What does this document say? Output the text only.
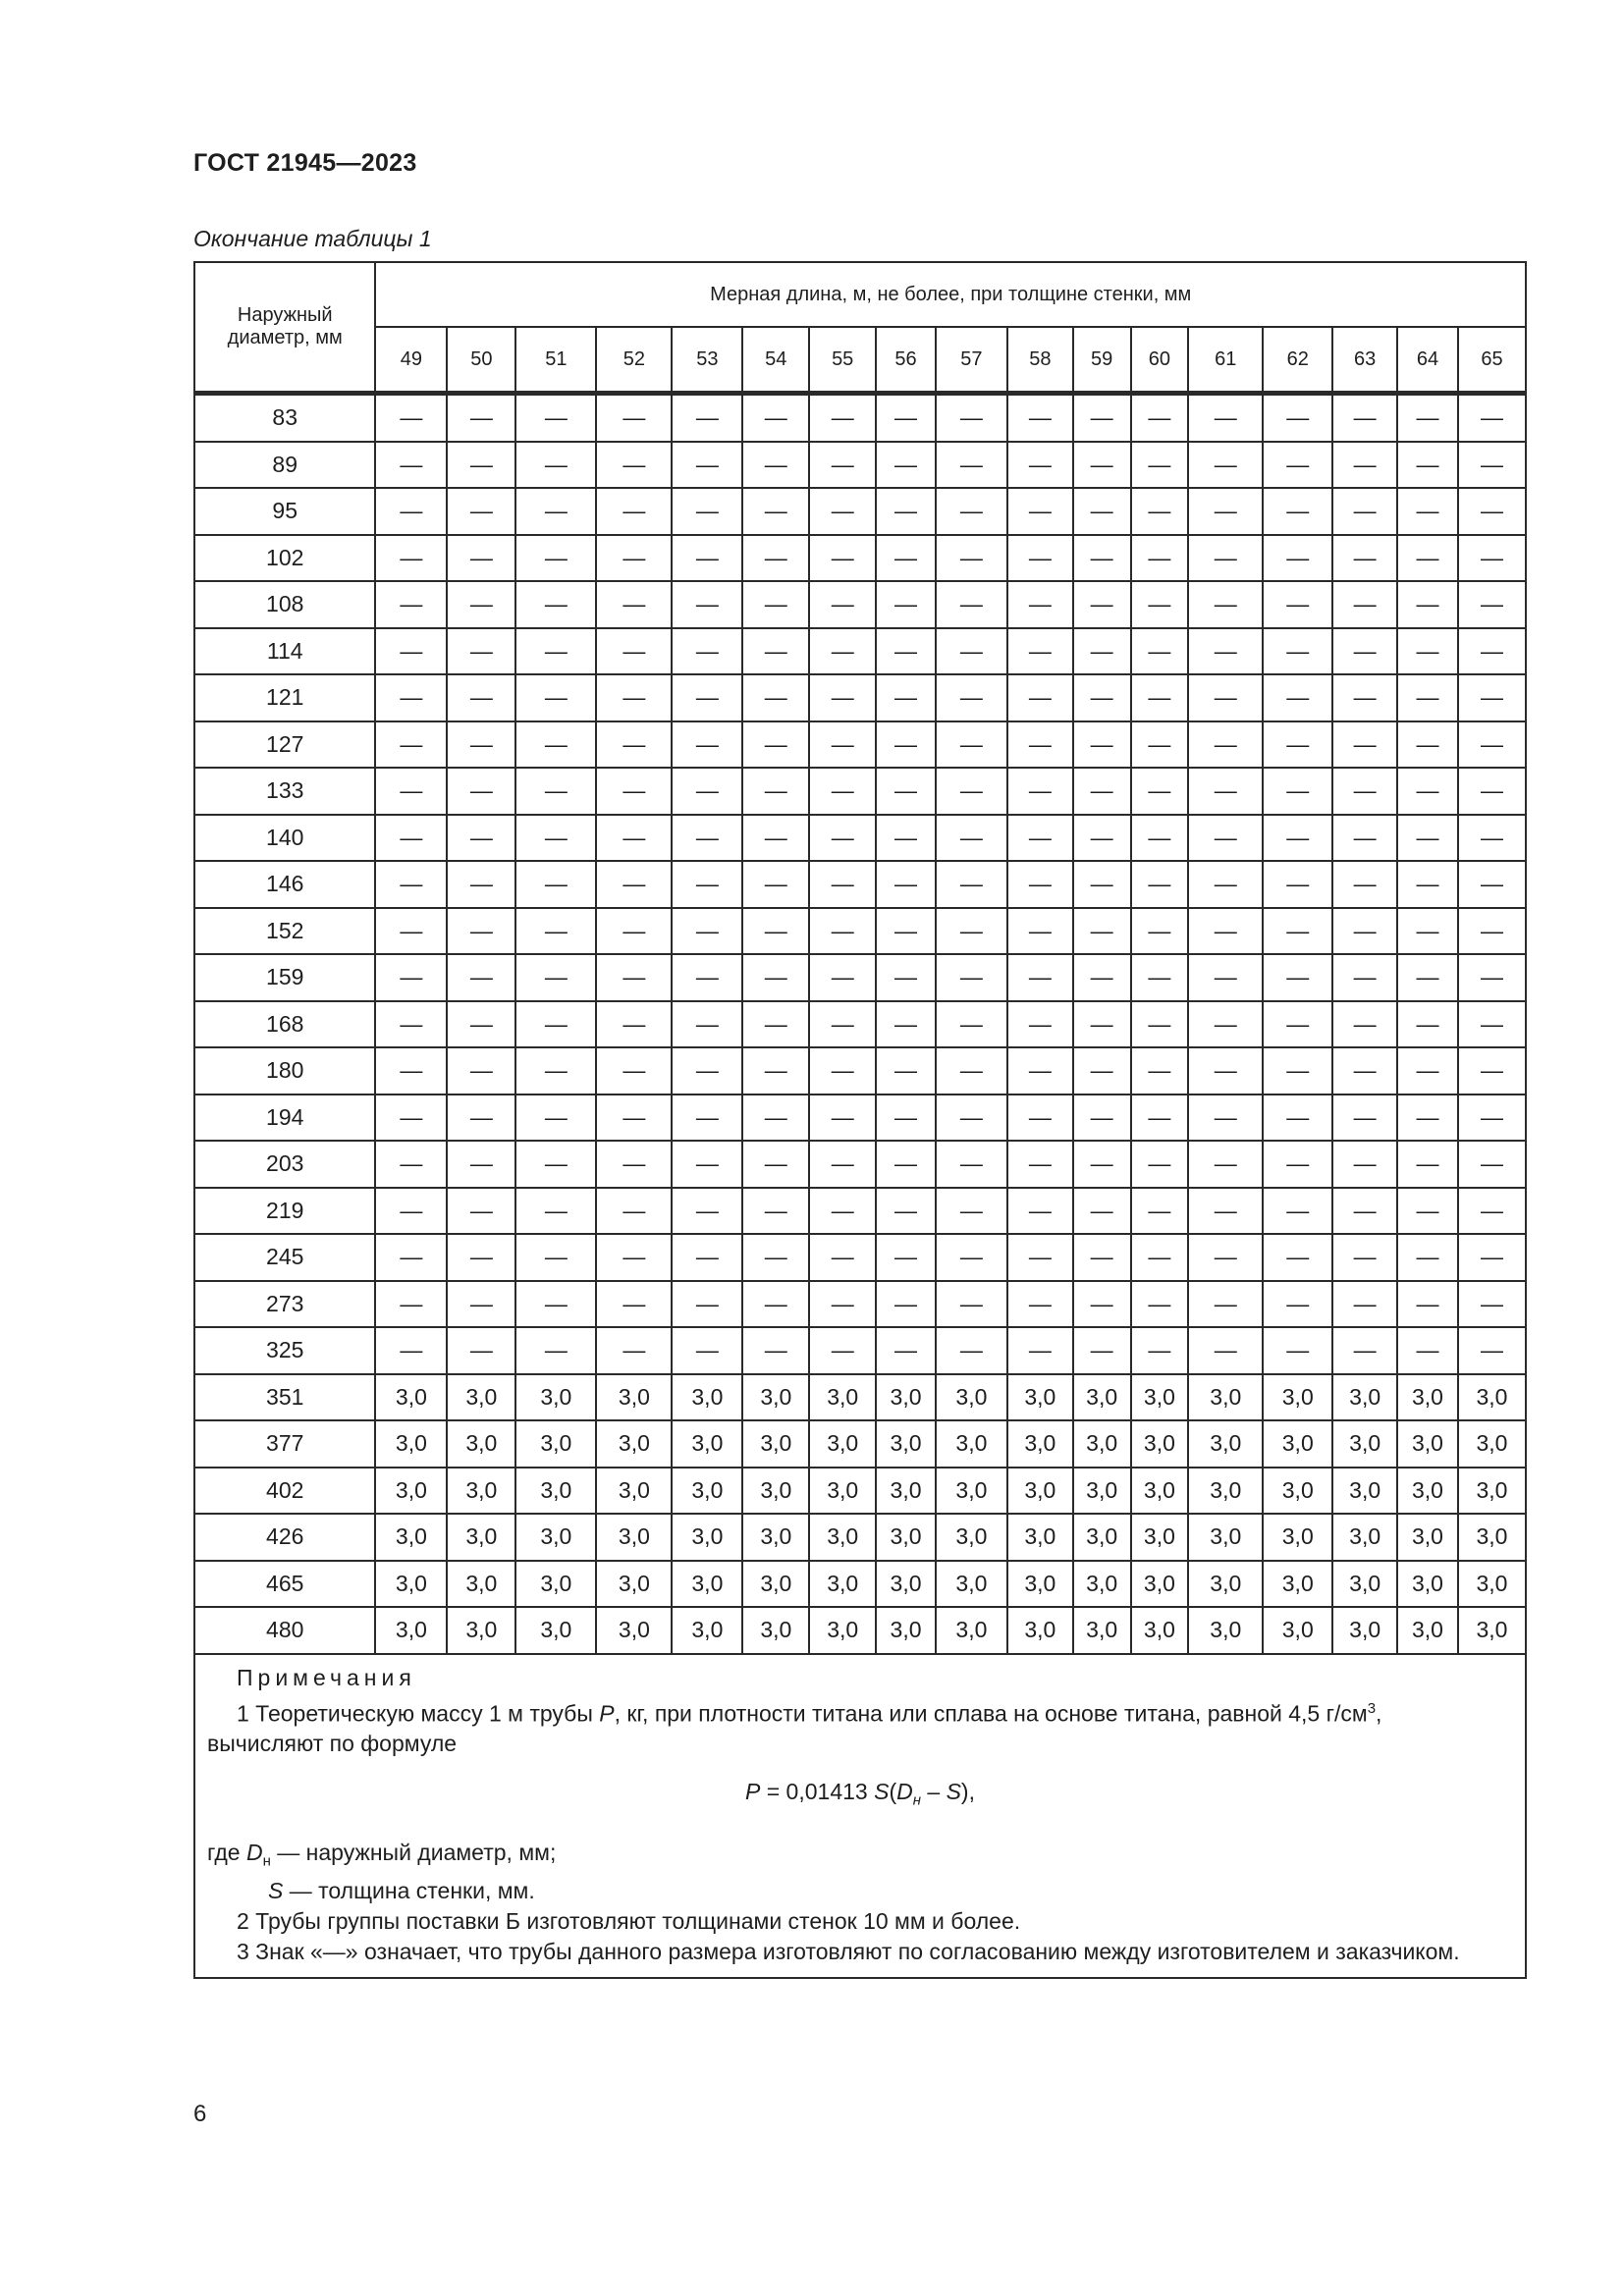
ГОСТ 21945—2023
Окончание таблицы 1
Наружный диаметр, мм	Мерная длина, м, не более, при толщине стенки, мм																
	49	50	51	52	53	54	55	56	57	58	59	60	61	62	63	64	65
83	—	—	—	—	—	—	—	—	—	—	—	—	—	—	—	—	—
89	—	—	—	—	—	—	—	—	—	—	—	—	—	—	—	—	—
95	—	—	—	—	—	—	—	—	—	—	—	—	—	—	—	—	—
102	—	—	—	—	—	—	—	—	—	—	—	—	—	—	—	—	—
108	—	—	—	—	—	—	—	—	—	—	—	—	—	—	—	—	—
114	—	—	—	—	—	—	—	—	—	—	—	—	—	—	—	—	—
121	—	—	—	—	—	—	—	—	—	—	—	—	—	—	—	—	—
127	—	—	—	—	—	—	—	—	—	—	—	—	—	—	—	—	—
133	—	—	—	—	—	—	—	—	—	—	—	—	—	—	—	—	—
140	—	—	—	—	—	—	—	—	—	—	—	—	—	—	—	—	—
146	—	—	—	—	—	—	—	—	—	—	—	—	—	—	—	—	—
152	—	—	—	—	—	—	—	—	—	—	—	—	—	—	—	—	—
159	—	—	—	—	—	—	—	—	—	—	—	—	—	—	—	—	—
168	—	—	—	—	—	—	—	—	—	—	—	—	—	—	—	—	—
180	—	—	—	—	—	—	—	—	—	—	—	—	—	—	—	—	—
194	—	—	—	—	—	—	—	—	—	—	—	—	—	—	—	—	—
203	—	—	—	—	—	—	—	—	—	—	—	—	—	—	—	—	—
219	—	—	—	—	—	—	—	—	—	—	—	—	—	—	—	—	—
245	—	—	—	—	—	—	—	—	—	—	—	—	—	—	—	—	—
273	—	—	—	—	—	—	—	—	—	—	—	—	—	—	—	—	—
325	—	—	—	—	—	—	—	—	—	—	—	—	—	—	—	—	—
351	3,0	3,0	3,0	3,0	3,0	3,0	3,0	3,0	3,0	3,0	3,0	3,0	3,0	3,0	3,0	3,0	3,0
377	3,0	3,0	3,0	3,0	3,0	3,0	3,0	3,0	3,0	3,0	3,0	3,0	3,0	3,0	3,0	3,0	3,0
402	3,0	3,0	3,0	3,0	3,0	3,0	3,0	3,0	3,0	3,0	3,0	3,0	3,0	3,0	3,0	3,0	3,0
426	3,0	3,0	3,0	3,0	3,0	3,0	3,0	3,0	3,0	3,0	3,0	3,0	3,0	3,0	3,0	3,0	3,0
465	3,0	3,0	3,0	3,0	3,0	3,0	3,0	3,0	3,0	3,0	3,0	3,0	3,0	3,0	3,0	3,0	3,0
480	3,0	3,0	3,0	3,0	3,0	3,0	3,0	3,0	3,0	3,0	3,0	3,0	3,0	3,0	3,0	3,0	3,0

Примечания

1 Теоретическую массу 1 м трубы P, кг, при плотности титана или сплава на основе титана, равной 4,5 $г/см^3$,

вычисляют по формуле

P = 0,01413 $S(D_н - S)$,

где $D_н$ — наружный диаметр, мм;

S — толщина стенки, мм.

2 Трубы группы поставки Б изготовляют толщинами стенок 10 мм и более.

3 Знак «—» означает, что трубы данного размера изготовляют по согласованию между изготовителем и заказчиком.

6
